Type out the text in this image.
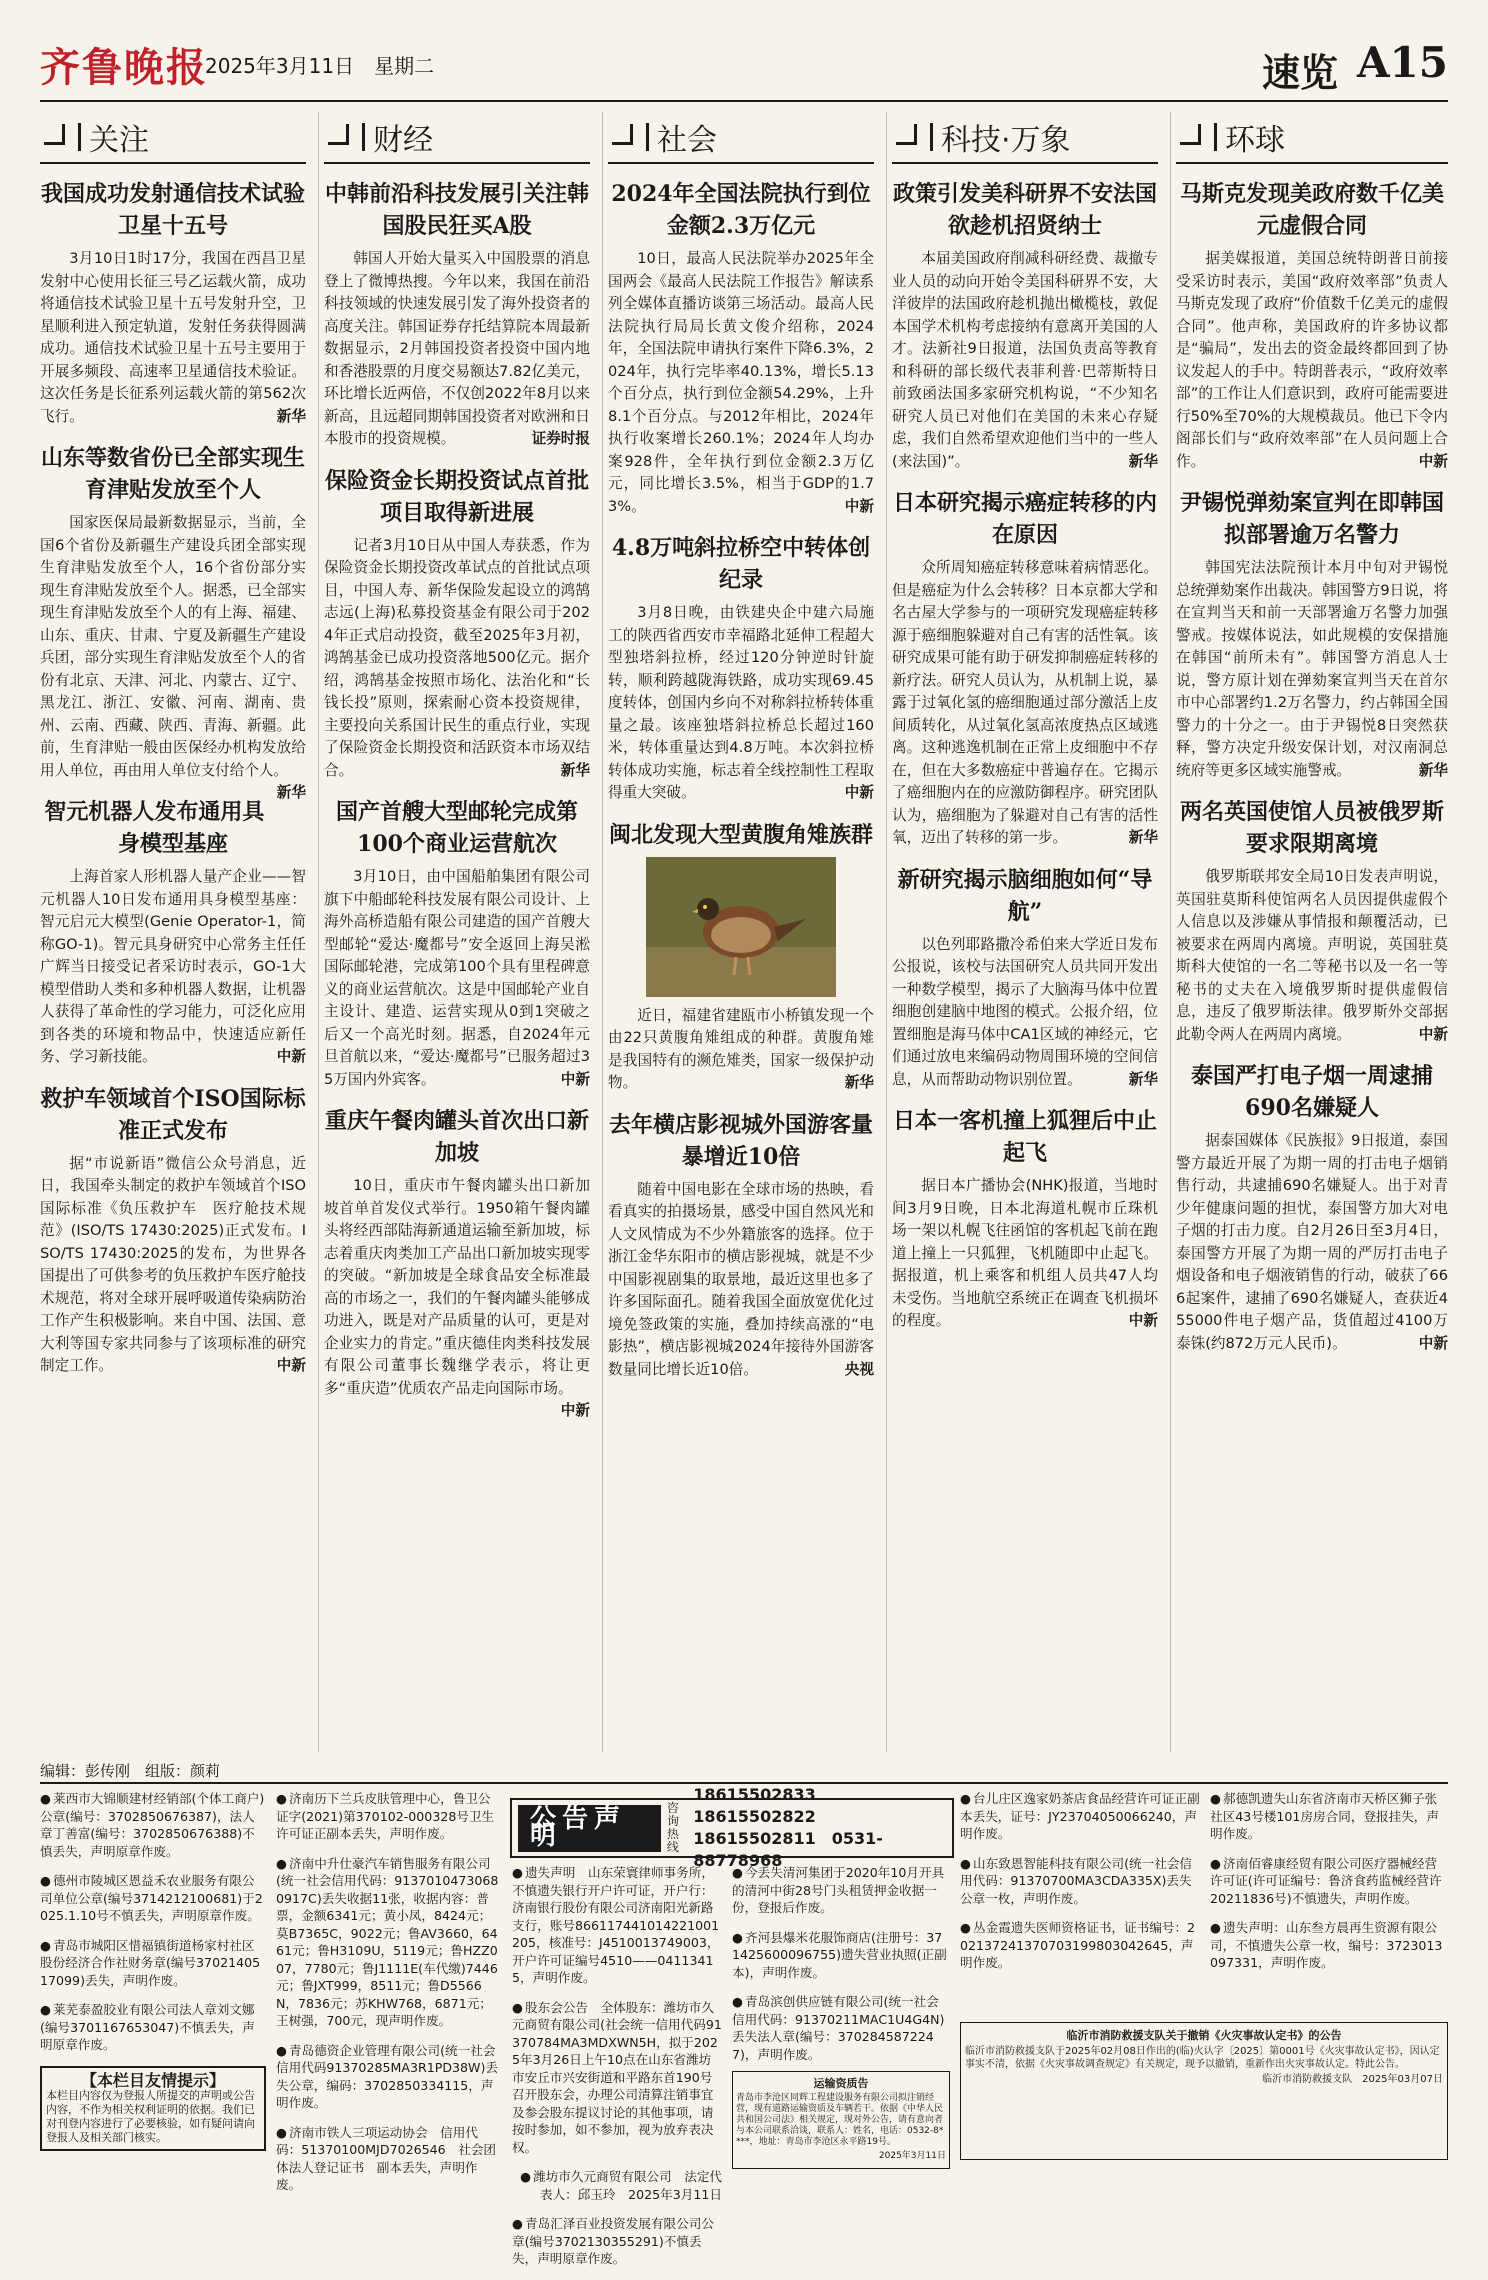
齐鲁晚报
2025年3月11日　星期二	速览 A15
关注
我国成功发射通信技术试验卫星十五号
3月10日1时17分，我国在西昌卫星发射中心使用长征三号乙运载火箭，成功将通信技术试验卫星十五号发射升空，卫星顺利进入预定轨道，发射任务获得圆满成功。通信技术试验卫星十五号主要用于开展多频段、高速率卫星通信技术验证。这次任务是长征系列运载火箭的第562次飞行。	新华
山东等数省份已全部实现生育津贴发放至个人
国家医保局最新数据显示，当前，全国6个省份及新疆生产建设兵团全部实现生育津贴发放至个人，16个省份部分实现生育津贴发放至个人。据悉，已全部实现生育津贴发放至个人的有上海、福建、山东、重庆、甘肃、宁夏及新疆生产建设兵团，部分实现生育津贴发放至个人的省份有北京、天津、河北、内蒙古、辽宁、黑龙江、浙江、安徽、河南、湖南、贵州、云南、西藏、陕西、青海、新疆。此前，生育津贴一般由医保经办机构发放给用人单位，再由用人单位支付给个人。
新华
智元机器人发布通用具身模型基座
上海首家人形机器人量产企业——智元机器人10日发布通用具身模型基座：智元启元大模型(Genie Operator-1，简称GO-1)。智元具身研究中心常务主任任广辉当日接受记者采访时表示，GO-1大模型借助人类和多种机器人数据，让机器人获得了革命性的学习能力，可泛化应用到各类的环境和物品中，快速适应新任务、学习新技能。	中新
救护车领域首个ISO国际标准正式发布
据“市说新语”微信公众号消息，近日，我国牵头制定的救护车领域首个ISO国际标准《负压救护车　医疗舱技术规范》(ISO/TS 17430:2025)正式发布。ISO/TS 17430:2025的发布，为世界各国提出了可供参考的负压救护车医疗舱技术规范，将对全球开展呼吸道传染病防治工作产生积极影响。来自中国、法国、意大利等国专家共同参与了该项标准的研究制定工作。	中新
财经
中韩前沿科技发展引关注韩国股民狂买A股
韩国人开始大量买入中国股票的消息登上了微博热搜。今年以来，我国在前沿科技领域的快速发展引发了海外投资者的高度关注。韩国证券存托结算院本周最新数据显示，2月韩国投资者投资中国内地和香港股票的月度交易额达7.82亿美元，环比增长近两倍，不仅创2022年8月以来新高，且远超同期韩国投资者对欧洲和日本股市的投资规模。	证券时报
保险资金长期投资试点首批项目取得新进展
记者3月10日从中国人寿获悉，作为保险资金长期投资改革试点的首批试点项目，中国人寿、新华保险发起设立的鸿鹄志远(上海)私募投资基金有限公司于2024年正式启动投资，截至2025年3月初，鸿鹄基金已成功投资落地500亿元。据介绍，鸿鹄基金按照市场化、法治化和“长钱长投”原则，探索耐心资本投资规律，主要投向关系国计民生的重点行业，实现了保险资金长期投资和活跃资本市场双结合。	新华
国产首艘大型邮轮完成第100个商业运营航次
3月10日，由中国船舶集团有限公司旗下中船邮轮科技发展有限公司设计、上海外高桥造船有限公司建造的国产首艘大型邮轮“爱达·魔都号”安全返回上海吴淞国际邮轮港，完成第100个具有里程碑意义的商业运营航次。这是中国邮轮产业自主设计、建造、运营实现从0到1突破之后又一个高光时刻。据悉，自2024年元旦首航以来，“爱达·魔都号”已服务超过35万国内外宾客。	中新
重庆午餐肉罐头首次出口新加坡
10日，重庆市午餐肉罐头出口新加坡首单首发仪式举行。1950箱午餐肉罐头将经西部陆海新通道运输至新加坡，标志着重庆肉类加工产品出口新加坡实现零的突破。“新加坡是全球食品安全标准最高的市场之一，我们的午餐肉罐头能够成功进入，既是对产品质量的认可，更是对企业实力的肯定。”重庆德佳肉类科技发展有限公司董事长魏继学表示，将让更多“重庆造”优质农产品走向国际市场。
中新
社会
2024年全国法院执行到位金额2.3万亿元
10日，最高人民法院举办2025年全国两会《最高人民法院工作报告》解读系列全媒体直播访谈第三场活动。最高人民法院执行局局长黄文俊介绍称，2024年，全国法院申请执行案件下降6.3%，2024年，执行完毕率40.13%，增长5.13个百分点，执行到位金额54.29%，上升8.1个百分点。与2012年相比，2024年执行收案增长260.1%；2024年人均办案928件，全年执行到位金额2.3万亿元，同比增长3.5%，相当于GDP的1.73%。	中新
4.8万吨斜拉桥空中转体创纪录
3月8日晚，由铁建央企中建六局施工的陕西省西安市幸福路北延伸工程超大型独塔斜拉桥，经过120分钟逆时针旋转，顺利跨越陇海铁路，成功实现69.45度转体，创国内乡向不对称斜拉桥转体重量之最。该座独塔斜拉桥总长超过160米，转体重量达到4.8万吨。本次斜拉桥转体成功实施，标志着全线控制性工程取得重大突破。	中新
闽北发现大型黄腹角雉族群
近日，福建省建瓯市小桥镇发现一个由22只黄腹角雉组成的种群。黄腹角雉是我国特有的濒危雉类，国家一级保护动物。	新华
去年横店影视城外国游客量暴增近10倍
随着中国电影在全球市场的热映，看看真实的拍摄场景，感受中国自然风光和人文风情成为不少外籍旅客的选择。位于浙江金华东阳市的横店影视城，就是不少中国影视剧集的取景地，最近这里也多了许多国际面孔。随着我国全面放宽优化过境免签政策的实施，叠加持续高涨的“电影热”，横店影视城2024年接待外国游客数量同比增长近10倍。	央视
科技·万象
政策引发美科研界不安法国欲趁机招贤纳士
本届美国政府削减科研经费、裁撤专业人员的动向开始令美国科研界不安，大洋彼岸的法国政府趁机抛出橄榄枝，敦促本国学术机构考虑接纳有意离开美国的人才。法新社9日报道，法国负责高等教育和科研的部长级代表菲利普·巴蒂斯特日前致函法国多家研究机构说，“不少知名研究人员已对他们在美国的未来心存疑虑，我们自然希望欢迎他们当中的一些人(来法国)”。	新华
日本研究揭示癌症转移的内在原因
众所周知癌症转移意味着病情恶化。但是癌症为什么会转移？日本京都大学和名古屋大学参与的一项研究发现癌症转移源于癌细胞躲避对自己有害的活性氧。该研究成果可能有助于研发抑制癌症转移的新疗法。研究人员认为，从机制上说，暴露于过氧化氢的癌细胞通过部分激活上皮间质转化，从过氧化氢高浓度热点区域逃离。这种逃逸机制在正常上皮细胞中不存在，但在大多数癌症中普遍存在。它揭示了癌细胞内在的应激防御程序。研究团队认为，癌细胞为了躲避对自己有害的活性氧，迈出了转移的第一步。	新华
新研究揭示脑细胞如何“导航”
以色列耶路撒冷希伯来大学近日发布公报说，该校与法国研究人员共同开发出一种数学模型，揭示了大脑海马体中位置细胞创建脑中地图的模式。公报介绍，位置细胞是海马体中CA1区域的神经元，它们通过放电来编码动物周围环境的空间信息，从而帮助动物识别位置。	新华
日本一客机撞上狐狸后中止起飞
据日本广播协会(NHK)报道，当地时间3月9日晚，日本北海道札幌市丘珠机场一架以札幌飞往函馆的客机起飞前在跑道上撞上一只狐狸，飞机随即中止起飞。据报道，机上乘客和机组人员共47人均未受伤。当地航空系统正在调查飞机损坏的程度。	中新
环球
马斯克发现美政府数千亿美元虚假合同
据美媒报道，美国总统特朗普日前接受采访时表示，美国“政府效率部”负责人马斯克发现了政府“价值数千亿美元的虚假合同”。他声称，美国政府的许多协议都是“骗局”，发出去的资金最终都回到了协议发起人的手中。特朗普表示，“政府效率部”的工作让人们意识到，政府可能需要进行50%至70%的大规模裁员。他已下令内阁部长们与“政府效率部”在人员问题上合作。	中新
尹锡悦弹劾案宣判在即韩国拟部署逾万名警力
韩国宪法法院预计本月中旬对尹锡悦总统弹劾案作出裁决。韩国警方9日说，将在宣判当天和前一天部署逾万名警力加强警戒。按媒体说法，如此规模的安保措施在韩国“前所未有”。韩国警方消息人士说，警方原计划在弹劾案宣判当天在首尔市中心部署约1.2万名警力，约占韩国全国警力的十分之一。由于尹锡悦8日突然获释，警方决定升级安保计划，对汉南洞总统府等更多区域实施警戒。	新华
两名英国使馆人员被俄罗斯要求限期离境
俄罗斯联邦安全局10日发表声明说，英国驻莫斯科使馆两名人员因提供虚假个人信息以及涉嫌从事情报和颠覆活动，已被要求在两周内离境。声明说，英国驻莫斯科大使馆的一名二等秘书以及一名一等秘书的丈夫在入境俄罗斯时提供虚假信息，违反了俄罗斯法律。俄罗斯外交部据此勒令两人在两周内离境。	中新
泰国严打电子烟一周逮捕690名嫌疑人
据泰国媒体《民族报》9日报道，泰国警方最近开展了为期一周的打击电子烟销售行动，共逮捕690名嫌疑人。出于对青少年健康问题的担忧，泰国警方加大对电子烟的打击力度。自2月26日至3月4日，泰国警方开展了为期一周的严厉打击电子烟设备和电子烟液销售的行动，破获了666起案件，逮捕了690名嫌疑人，查获近455000件电子烟产品，货值超过4100万泰铢(约872万元人民币)。	中新
编辑：彭传刚　组版：颜莉
● 莱西市大锦顺建材经销部(个体工商户)公章(编号：3702850676387)，法人章丁善富(编号：3702850676388)不慎丢失，声明原章作废。
● 德州市陵城区恩益禾农业服务有限公司单位公章(编号3714212100681)于2025.1.10号不慎丢失，声明原章作废。
● 青岛市城阳区惜福镇街道杨家村社区股份经济合作社财务章(编号3702140517099)丢失，声明作废。
● 莱芜泰盈胶业有限公司法人章刘文娜(编号3701167653047)不慎丢失，声明原章作废。
【本栏目友情提示】
本栏目内容仅为登报人所提交的声明或公告内容，不作为相关权利证明的依据。我们已对刊登内容进行了必要核验，如有疑问请向登报人及相关部门核实。
● 济南历下兰兵皮肤管理中心，鲁卫公证字(2021)第370102-000328号卫生许可证正副本丢失，声明作废。
● 济南中升仕豪汽车销售服务有限公司(统一社会信用代码：91370104730680917C)丢失收据11张，收据内容：普票，金额6341元；黄小凤，8424元；莫B7365C，9022元；鲁AV3660，6461元；鲁H3109U，5119元；鲁HZZ007，7780元；鲁J1111E(车代缴)7446元；鲁JXT999，8511元；鲁D5566N，7836元；苏KHW768，6871元；王树强，700元，现声明作废。
● 青岛德资企业管理有限公司(统一社会信用代码91370285MA3R1PD38W)丢失公章，编码：3702850334115，声明作废。
● 济南市铁人三项运动协会　信用代码：51370100MJD7026546　社会团体法人登记证书　副本丢失，声明作废。
公告声明
咨询热线
18615502833　18615502822
18615502811　0531-88778968
● 遗失声明　山东荣寰律师事务所，不慎遗失银行开户许可证，开户行：济南银行股份有限公司济南阳光新路支行，账号866117441014221001205，核准号：J4510013749003，开户许可证编号4510——04113415，声明作废。
● 股东会公告　全体股东：潍坊市久元商贸有限公司(社会统一信用代码91370784MA3MDXWN5H，拟于2025年3月26日上午10点在山东省潍坊市安丘市兴安街道和平路东首190号召开股东会，办理公司清算注销事宜及参会股东提议讨论的其他事项，请按时参加，如不参加，视为放弃表决权。
● 潍坊市久元商贸有限公司　法定代表人：邱玉玲　2025年3月11日
● 青岛汇泽百业投资发展有限公司公章(编号3702130355291)不慎丢失，声明原章作废。
● 今丢失清河集团于2020年10月开具的清河中街28号门头租赁押金收据一份，登报后作废。
● 齐河县爆米花服饰商店(注册号：371425600096755)遗失营业执照(正副本)，声明作废。
● 青岛滨创供应链有限公司(统一社会信用代码：91370211MAC1U4G4N)丢失法人章(编号：3702845872247)，声明作废。
运输资质告
青岛市李沧区同辉工程建设服务有限公司拟注销经营，现有道路运输资质及车辆若干。依据《中华人民共和国公司法》相关规定，现对外公告，请有意向者与本公司联系洽谈，联系人：姓名，电话：0532-8****，地址：青岛市李沧区永平路19号。
2025年3月11日
● 台儿庄区逸家奶茶店食品经营许可证正副本丢失，证号：JY23704050066240，声明作废。
● 山东致恩智能科技有限公司(统一社会信用代码：91370700MA3CDA335X)丢失公章一枚，声明作废。
● 丛金霞遗失医师资格证书，证书编号：202137241370703199803042645，声明作废。
● 郝德凯遗失山东省济南市天桥区狮子张社区43号楼101房房合同，登报挂失，声明作废。
● 济南佰睿康经贸有限公司医疗器械经营许可证(许可证编号：鲁济食药监械经营许20211836号)不慎遗失，声明作废。
● 遗失声明：山东叁方晨再生资源有限公司，不慎遗失公章一枚，编号：3723013097331，声明作废。
临沂市消防救援支队关于撤销《火灾事故认定书》的公告
临沂市消防救援支队于2025年02月08日作出的(临)火认字〔2025〕第0001号《火灾事故认定书》，因认定事实不清，依据《火灾事故调查规定》有关规定，现予以撤销，重新作出火灾事故认定。特此公告。
临沂市消防救援支队　2025年03月07日
